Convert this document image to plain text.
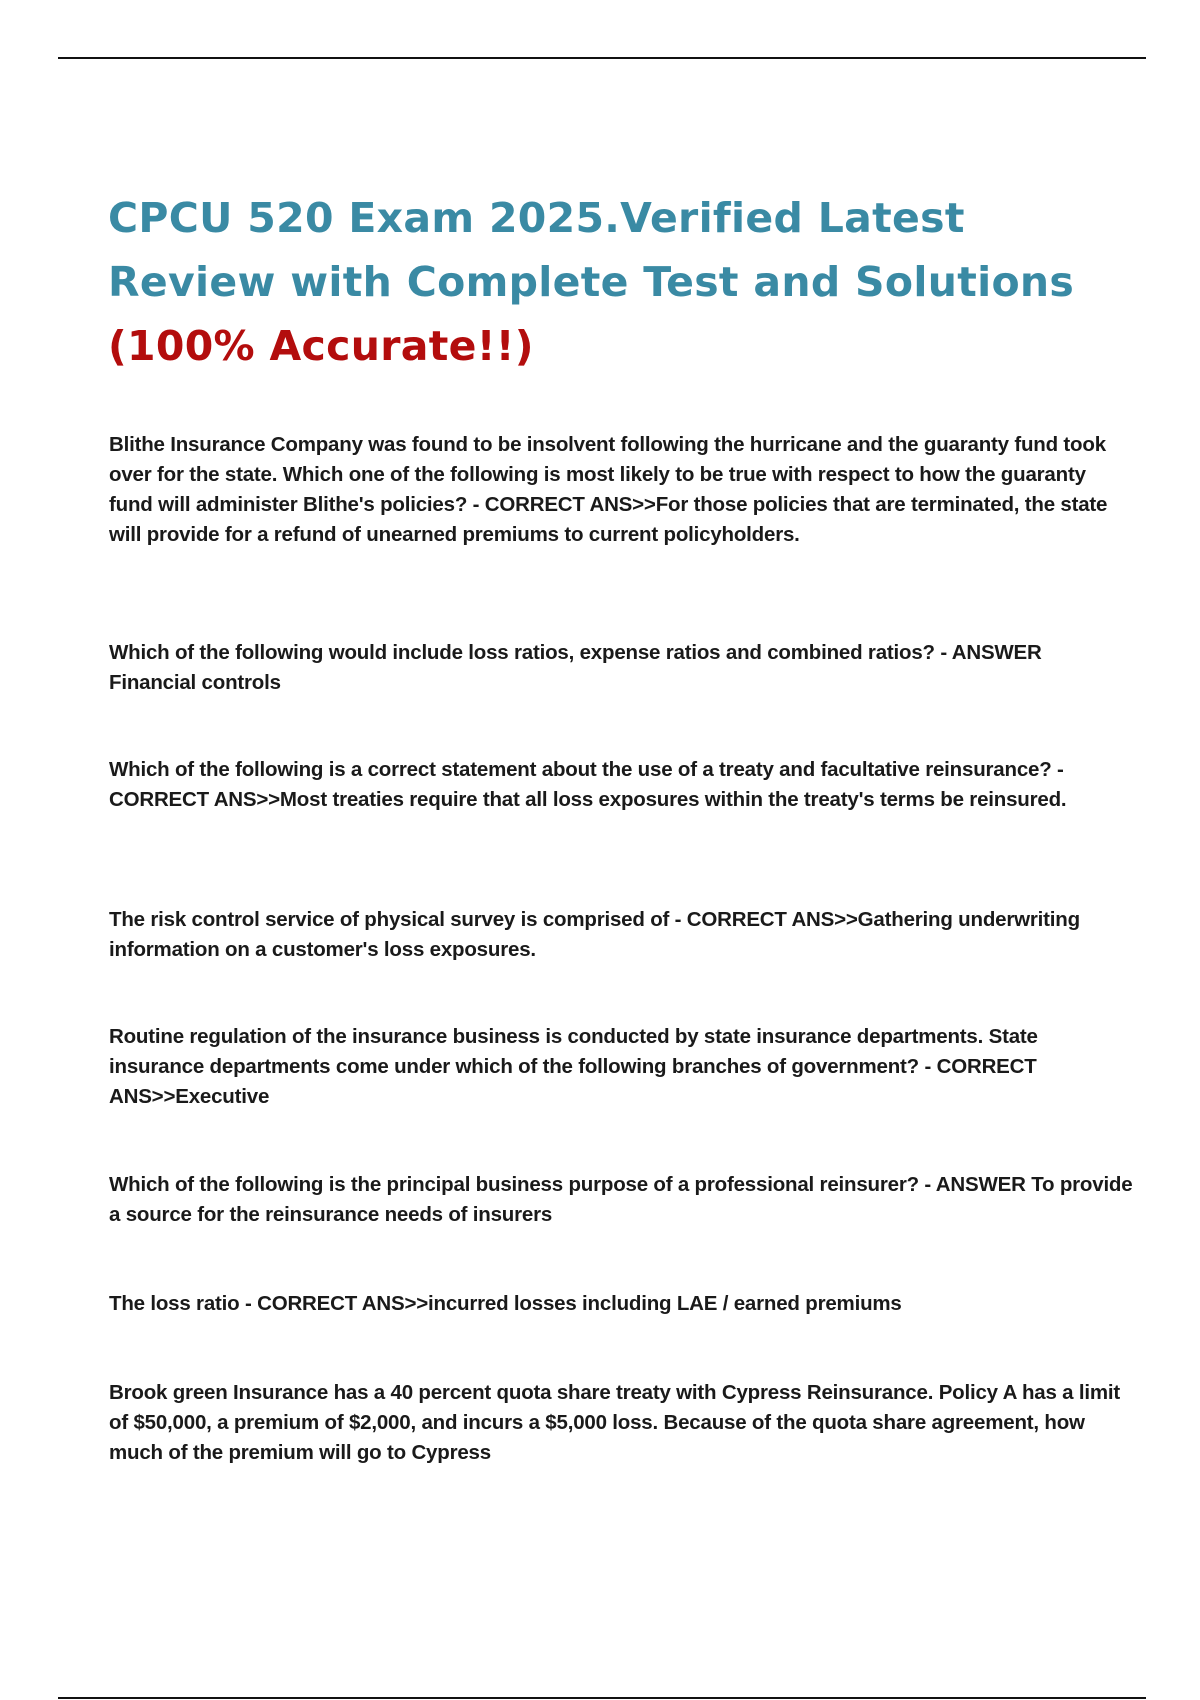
CPCU 520 Exam 2025.Verified Latest
Review with Complete Test and Solutions
(100% Accurate!!)

Blithe Insurance Company was found to be insolvent following the hurricane and the guaranty fund took over for the state. Which one of the following is most likely to be true with respect to how the guaranty fund will administer Blithe's policies? - CORRECT ANS>>For those policies that are terminated, the state will provide for a refund of unearned premiums to current policyholders.

Which of the following would include loss ratios, expense ratios and combined ratios? - ANSWER Financial controls

Which of the following is a correct statement about the use of a treaty and facultative reinsurance? - CORRECT ANS>>Most treaties require that all loss exposures within the treaty's terms be reinsured.

The risk control service of physical survey is comprised of - CORRECT ANS>>Gathering underwriting information on a customer's loss exposures.

Routine regulation of the insurance business is conducted by state insurance departments. State insurance departments come under which of the following branches of government? - CORRECT ANS>>Executive

Which of the following is the principal business purpose of a professional reinsurer? - ANSWER To provide a source for the reinsurance needs of insurers

The loss ratio - CORRECT ANS>>incurred losses including LAE / earned premiums

Brook green Insurance has a 40 percent quota share treaty with Cypress Reinsurance. Policy A has a limit of $50,000, a premium of $2,000, and incurs a $5,000 loss. Because of the quota share agreement, how much of the premium will go to Cypress
